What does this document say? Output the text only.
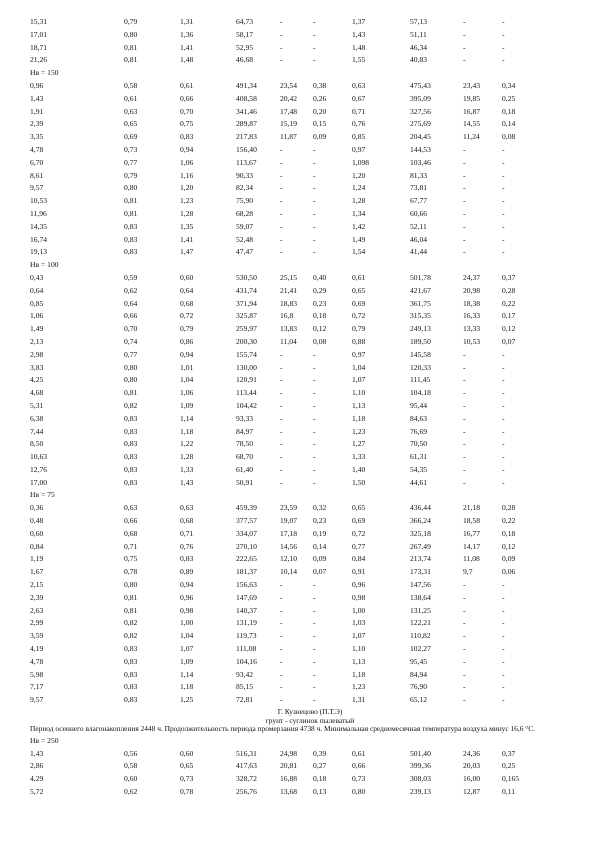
15,31	0,79	1,31	64,73	-	-	1,37	57,13	-	-
17,01	0,80	1,36	58,17	-	-	1,43	51,11	-	-
18,71	0,81	1,41	52,95	-	-	1,48	46,34	-	-
21,26	0,81	1,48	46,68	-	-	1,55	40,83	-	-
Нв = 150
0,96	0,58	0,61	491,34	23,54 0,38	0,63	475,43	23,43	0,34
1,43	0,61	0,66	408,58	20,42 0,26	0,67	395,09	19,85	0,25
1,91	0,63	0,70	341,46	17,48 0,20	0,71	327,56	16,87	0,18
2,39	0,65	0,75	289,87	15,19 0,15	0,76	275,69	14,55	0,14
3,35	0,69	0,83	217,83	11,87 0,09	0,85	204,45	11,24	0,08
4,78	0,73	0,94	156,40	-	-	0,97	144,53	-	-
6,70	0,77	1,06	113,67	-	-	1,098	103,46	-	-
8,61	0,79	1,16	90,33	-	-	1,20	81,33	-	-
9,57	0,80	1,20	82,34	-	-	1,24	73,81	-	-
10,53	0,81	1,23	75,90	-	-	1,28	67,77	-	-
11,96	0,81	1,28	68,28	-	-	1,34	60,66	-	-
14,35	0,83	1,35	59,07	-	-	1,42	52,11	-	-
16,74	0,83	1,41	52,48	-	-	1,49	46,04	-	-
19,13	0,83	1,47	47,47	-	-	1,54	41,44	-	-
Нв = 100
0,43	0,59	0,60	530,50	25,15 0,40	0,61	501,78	24,37	0,37
0,64	0,62	0,64	431,74	21,41 0,29	0,65	421,67	20,98	0,28
0,85	0,64	0,68	371,94	18,83 0,23	0,69	361,75	18,38	0,22
1,06	0,66	0,72	325,87	16,8	0,18	0,72	315,35	16,33	0,17
1,49	0,70	0,79	259,97	13,83 0,12	0,79	249,13	13,33	0,12
2,13	0,74	0,86	200,30	11,04 0,08	0,88	189,50	10,53	0,07
2,98	0,77	0,94	155,74	-	-	0,97	145,58	-	-
3,83	0,80	1,01	130,00	-	-	1,04	120,33	-	-
4,25	0,80	1,04	120,91	-	-	1,07	111,45	-	-
4,68	0,81	1,06	113,44	-	-	1,10	104,18	-	-
5,31	0,82	1,09	104,42	-	-	1,13	95,44	-	-
6,38	0,83	1,14	93,33	-	-	1,18	84,63	-	-
7,44	0,83	1,18	84,97	-	-	1,23	76,69	-	-
8,50	0,83	1,22	78,50	-	-	1,27	70,50	-	-
10,63	0,83	1,28	68,70	-	-	1,33	61,31	-	-
12,76	0,83	1,33	61,40	-	-	1,40	54,35	-	-
17,00	0,83	1,43	50,91	-	-	1,50	44,61	-	-
Нв = 75
0,36	0,63	0,63	459,39	23,59 0,32	0,65	436,44	21,18	0,28
0,48	0,66	0,68	377,57	19,07 0,23	0,69	366,24	18,58	0,22
0,60	0,68	0,71	334,07	17,18 0,19	0,72	325,18	16,77	0,18
0,84	0,71	0,76	270,10	14,56 0,14	0,77	267,49	14,17	0,12
1,19	0,75	0,83	222,65	12,10 0,09	0,84	213,74	11,08	0,09
1,67	0,78	0,89	181,37	10,14 0,07	0,91	173,31	9,7	0,06
2,15	0,80	0,94	156,63	-	-	0,96	147,56	-	-
2,39	0,81	0,96	147,69	-	-	0,98	138,64	-	-
2,63	0,81	0,98	140,37	-	-	1,00	131,25	-	-
2,99	0,82	1,00	131,19	-	-	1,03	122,21	-	-
3,59	0,82	1,04	119,73	-	-	1,07	110,82	-	-
4,19	0,83	1,07	111,08	-	-	1,10	102,27	-	-
4,78	0,83	1,09	104,16	-	-	1,13	95,45	-	-
5,98	0,83	1,14	93,42	-	-	1,18	84,94	-	-
7,17	0,83	1,18	85,15	-	-	1,23	76,90	-	-
9,57	0,83	1,25	72,81	-	-	1,31	65,12	-	-
Г. Кузнецово (П.Т.Э)
грунт - суглинок пылеватый
Период осеннего влагонакопления 2448 ч. Продолжительность периода промерзания 4738 ч. Минимальная среднемесячная температура воздуха минус 16,6 °С.
Нв = 250
1,43	0,56	0,60	516,31	24,98 0,39	0,61	501,40	24,36	0,37
2,86	0,58	0,65	417,63	20,81 0,27	0,66	399,36	20,03	0,25
4,29	0,60	0,73	328,72	16,88 0,18	0,73	308,03	16,00	0,165
5,72	0,62	0,78	256,76	13,68 0,13	0,80	239,13	12,87	0,11
